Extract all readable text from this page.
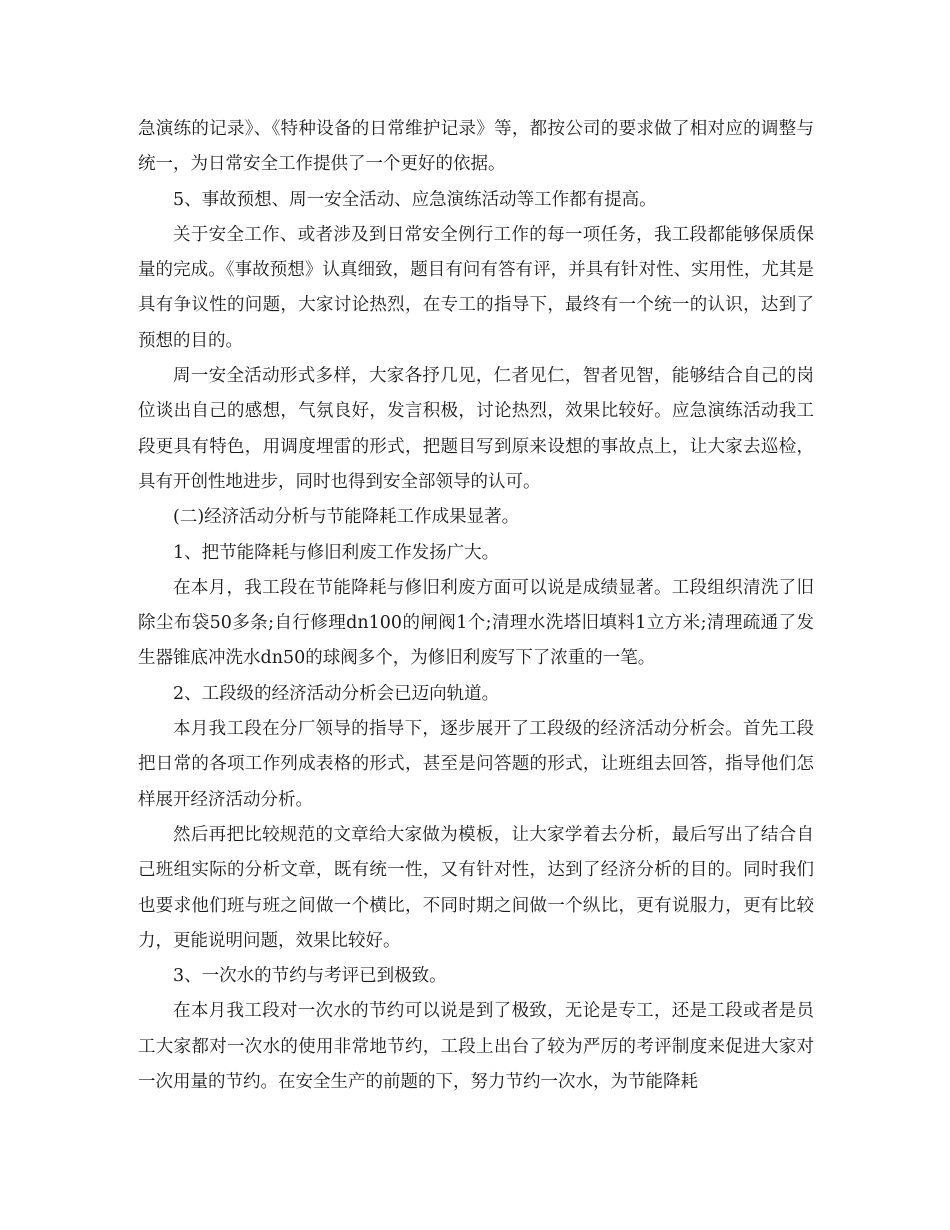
急演练的记录》、《特种设备的日常维护记录》等，都按公司的要求做了相对应的调整与统一，为日常安全工作提供了一个更好的依据。

5、事故预想、周一安全活动、应急演练活动等工作都有提高。

关于安全工作、或者涉及到日常安全例行工作的每一项任务，我工段都能够保质保量的完成。《事故预想》认真细致，题目有问有答有评，并具有针对性、实用性，尤其是具有争议性的问题，大家讨论热烈，在专工的指导下，最终有一个统一的认识，达到了预想的目的。

周一安全活动形式多样，大家各抒几见，仁者见仁，智者见智，能够结合自己的岗位谈出自己的感想，气氛良好，发言积极，讨论热烈，效果比较好。应急演练活动我工段更具有特色，用调度埋雷的形式，把题目写到原来设想的事故点上，让大家去巡检，具有开创性地进步，同时也得到安全部领导的认可。

(二)经济活动分析与节能降耗工作成果显著。

1、把节能降耗与修旧利废工作发扬广大。

在本月，我工段在节能降耗与修旧利废方面可以说是成绩显著。工段组织清洗了旧除尘布袋50多条;自行修理dn100的闸阀1个;清理水洗塔旧填料1立方米;清理疏通了发生器锥底冲洗水dn50的球阀多个，为修旧利废写下了浓重的一笔。

2、工段级的经济活动分析会已迈向轨道。

本月我工段在分厂领导的指导下，逐步展开了工段级的经济活动分析会。首先工段把日常的各项工作列成表格的形式，甚至是问答题的形式，让班组去回答，指导他们怎样展开经济活动分析。

然后再把比较规范的文章给大家做为模板，让大家学着去分析，最后写出了结合自己班组实际的分析文章，既有统一性，又有针对性，达到了经济分析的目的。同时我们也要求他们班与班之间做一个横比，不同时期之间做一个纵比，更有说服力，更有比较力，更能说明问题，效果比较好。

3、一次水的节约与考评已到极致。

在本月我工段对一次水的节约可以说是到了极致，无论是专工，还是工段或者是员工大家都对一次水的使用非常地节约，工段上出台了较为严厉的考评制度来促进大家对一次用量的节约。在安全生产的前题的下，努力节约一次水，为节能降耗
